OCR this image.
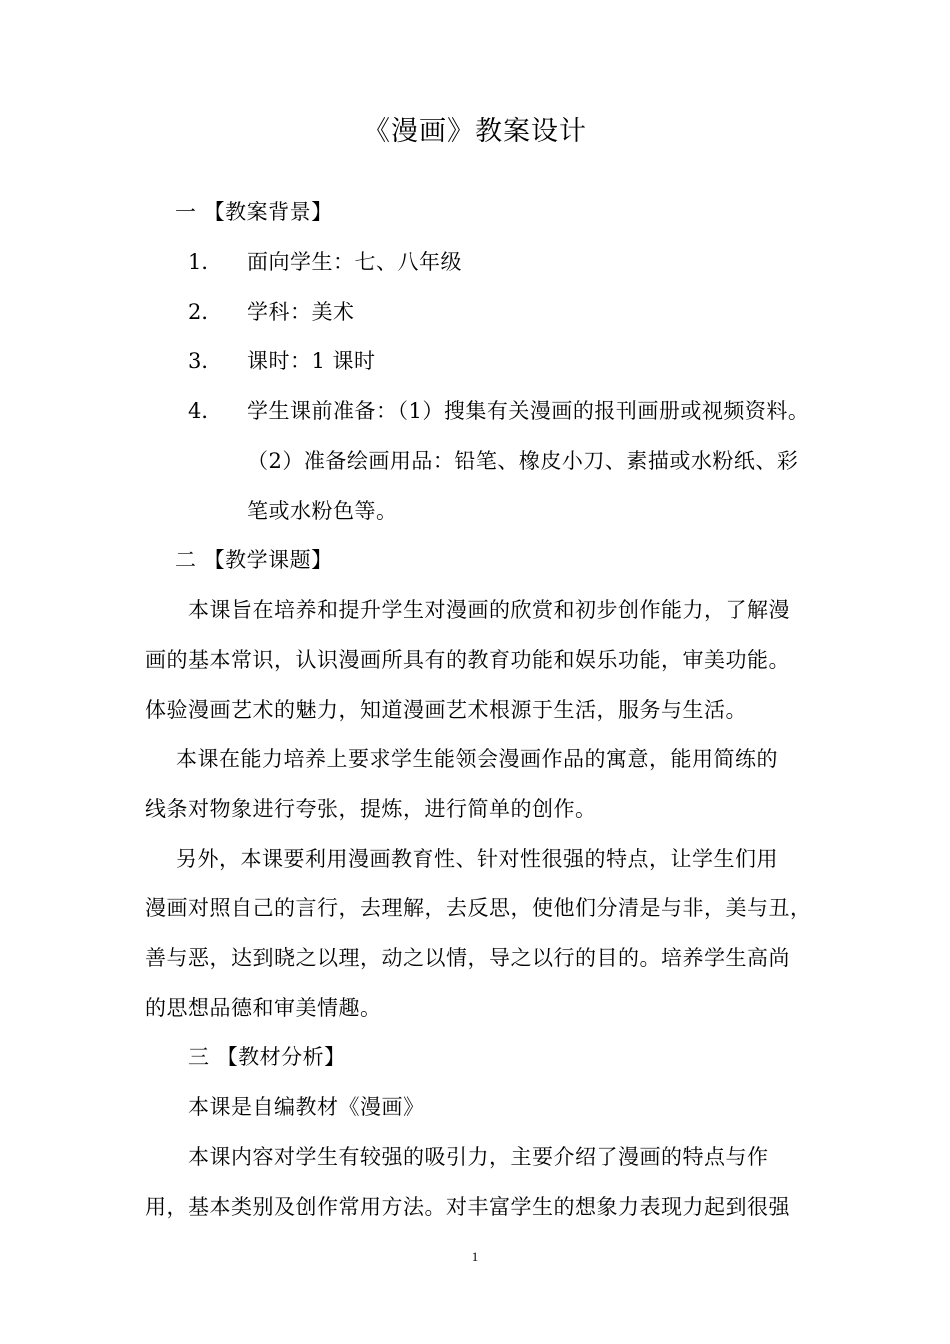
《漫画》教案设计
一 【教案背景】
1． 面向学生：七、八年级
2． 学科：美术
3． 课时：1 课时
4． 学生课前准备：（1）搜集有关漫画的报刊画册或视频资料。
（2）准备绘画用品：铅笔、橡皮小刀、素描或水粉纸、彩
笔或水粉色等。
二 【教学课题】
本课旨在培养和提升学生对漫画的欣赏和初步创作能力，了解漫
画的基本常识，认识漫画所具有的教育功能和娱乐功能，审美功能。
体验漫画艺术的魅力，知道漫画艺术根源于生活，服务与生活。
本课在能力培养上要求学生能领会漫画作品的寓意，能用简练的
线条对物象进行夸张，提炼，进行简单的创作。
另外，本课要利用漫画教育性、针对性很强的特点，让学生们用
漫画对照自己的言行，去理解，去反思，使他们分清是与非，美与丑，
善与恶，达到晓之以理，动之以情，导之以行的目的。培养学生高尚
的思想品德和审美情趣。
三 【教材分析】
本课是自编教材《漫画》
本课内容对学生有较强的吸引力，主要介绍了漫画的特点与作
用，基本类别及创作常用方法。对丰富学生的想象力表现力起到很强
1
